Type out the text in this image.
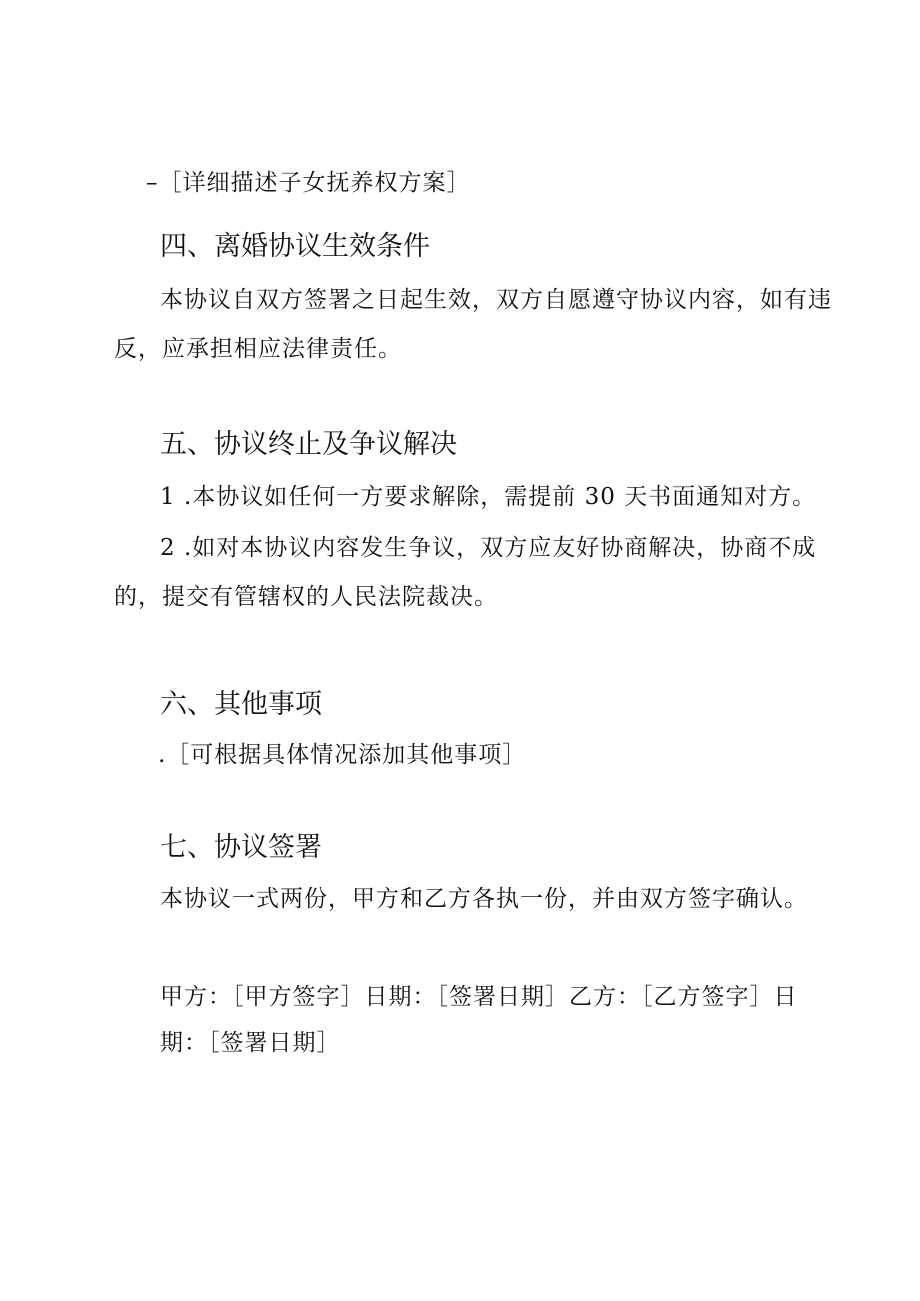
–［详细描述子女抚养权方案］
四、离婚协议生效条件
本协议自双方签署之日起生效，双方自愿遵守协议内容，如有违
反，应承担相应法律责任。
五、协议终止及争议解决
1 .本协议如任何一方要求解除，需提前 30 天书面通知对方。
2 .如对本协议内容发生争议，双方应友好协商解决，协商不成
的，提交有管辖权的人民法院裁决。
六、其他事项
.［可根据具体情况添加其他事项］
七、协议签署
本协议一式两份，甲方和乙方各执一份，并由双方签字确认。
甲方：［甲方签字］日期：［签署日期］乙方：［乙方签字］日
期：［签署日期］
